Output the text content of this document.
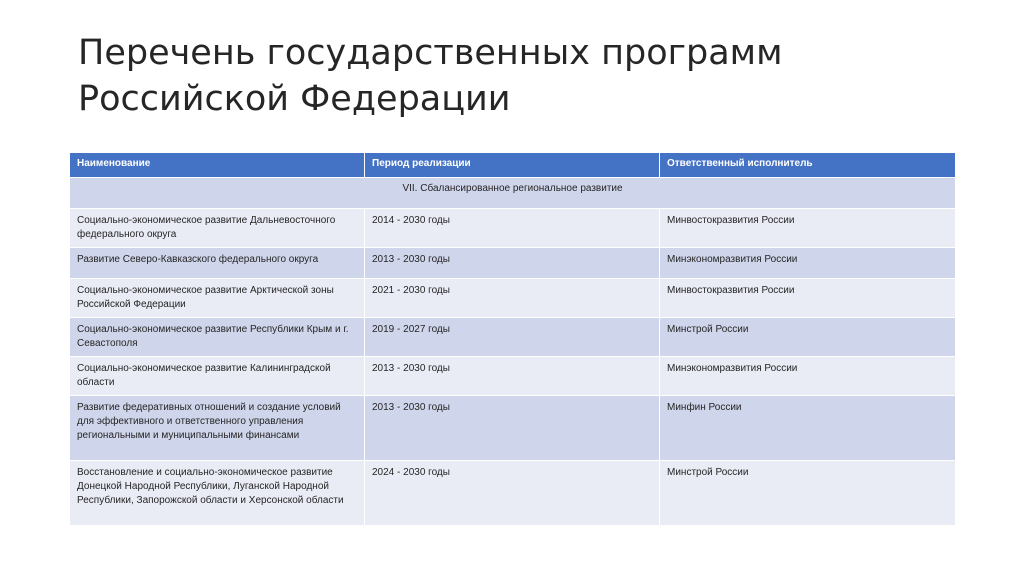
Перечень государственных программ
Российской Федерации
Наименование	Период реализации	Ответственный исполнитель
VII. Сбалансированное региональное развитие		
Социально-экономическое развитие Дальневосточного федерального округа	2014 - 2030 годы	Минвостокразвития России
Развитие Северо-Кавказского федерального округа	2013 - 2030 годы	Минэкономразвития России
Социально-экономическое развитие Арктической зоны Российской Федерации	2021 - 2030 годы	Минвостокразвития России
Социально-экономическое развитие Республики Крым и г. Севастополя	2019 - 2027 годы	Минстрой России
Социально-экономическое развитие Калининградской области	2013 - 2030 годы	Минэкономразвития России
Развитие федеративных отношений и создание условий для эффективного и ответственного управления региональными и муниципальными финансами	2013 - 2030 годы	Минфин России
Восстановление и социально-экономическое развитие Донецкой Народной Республики, Луганской Народной Республики, Запорожской области и Херсонской области	2024 - 2030 годы	Минстрой России
